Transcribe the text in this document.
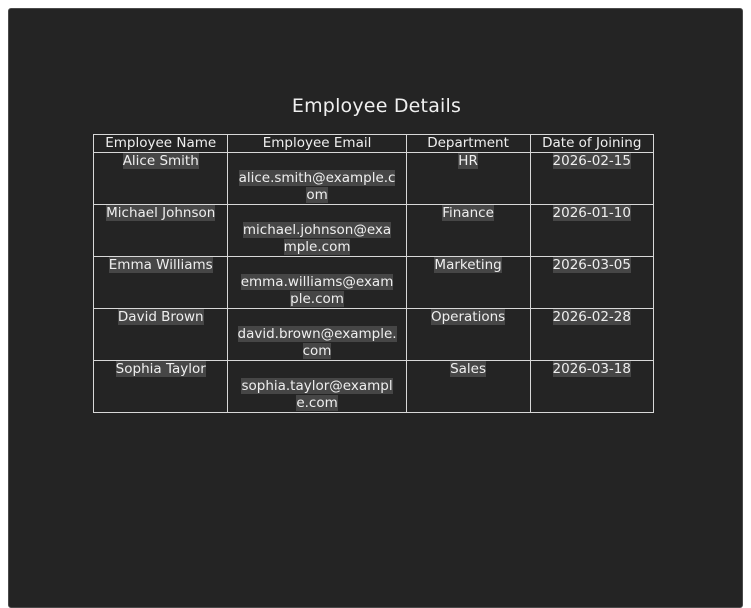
Employee Details
Employee Name	Employee Email	Department	Date of Joining
Alice Smith	alice.smith@example.com	HR	2026-02-15
Michael Johnson	michael.johnson@example.com	Finance	2026-01-10
Emma Williams	emma.williams@example.com	Marketing	2026-03-05
David Brown	david.brown@example.com	Operations	2026-02-28
Sophia Taylor	sophia.taylor@example.com	Sales	2026-03-18
